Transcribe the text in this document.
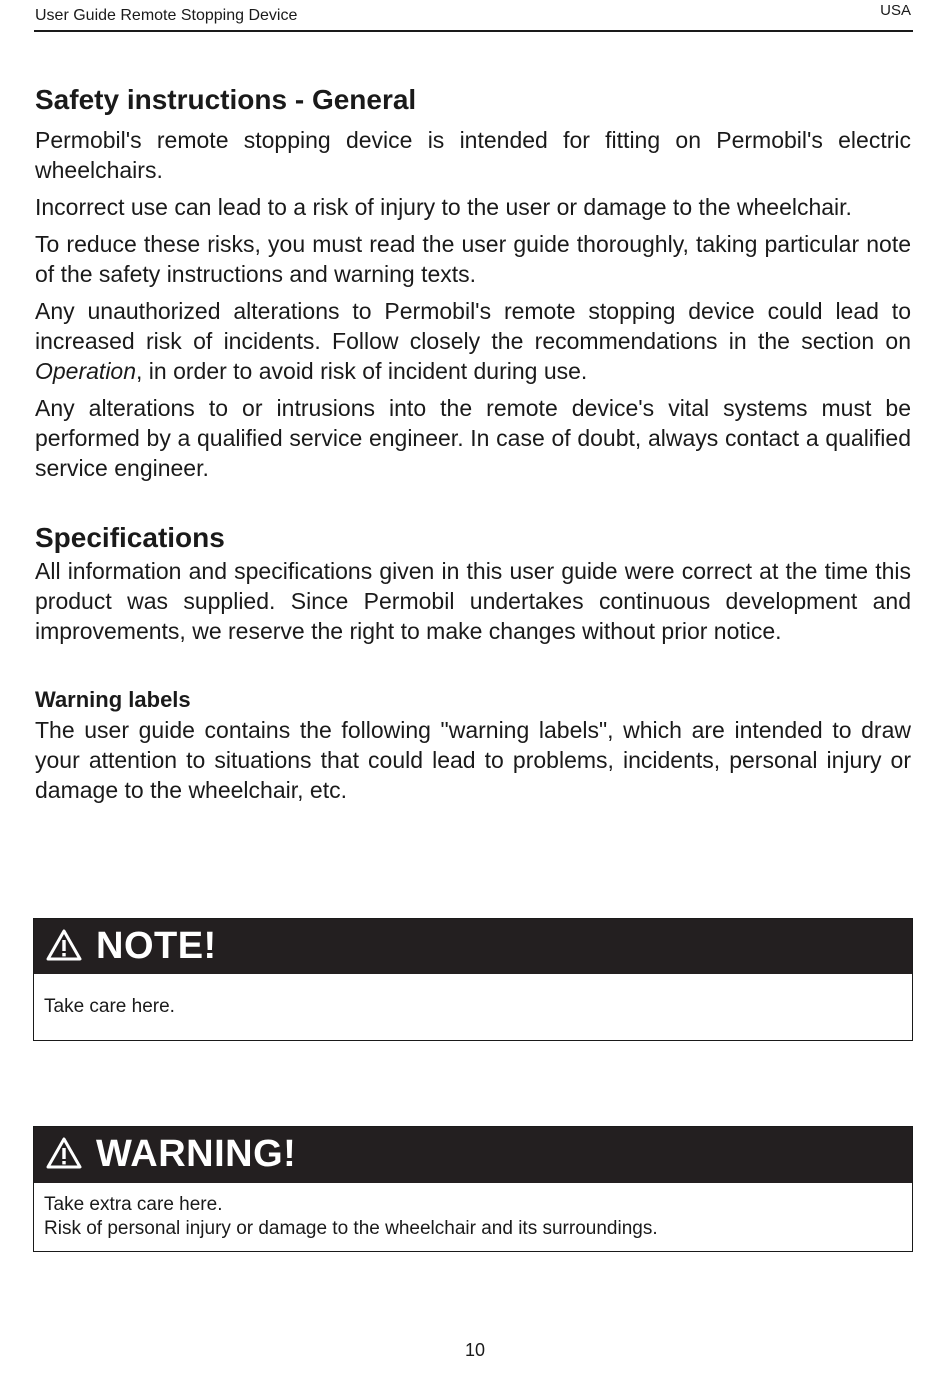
User Guide Remote Stopping Device	USA
Safety instructions - General

Permobil's remote stopping device is intended for fitting on Permobil's electric wheelchairs.

Incorrect use can lead to a risk of injury to the user or damage to the wheelchair.

To reduce these risks, you must read the user guide thoroughly, taking particular note of the safety instructions and warning texts.

Any unauthorized alterations to Permobil's remote stopping device could lead to increased risk of incidents. Follow closely the recommendations in the section on Operation, in order to avoid risk of incident during use.

Any alterations to or intrusions into the remote device's vital systems must be performed by a qualified service engineer. In case of doubt, always contact a qualified service engineer.

Specifications

All information and specifications given in this user guide were correct at the time this product was supplied. Since Permobil undertakes continuous development and improvements, we reserve the right to make changes without prior notice.

Warning labels

The user guide contains the following "warning labels", which are intended to draw your attention to situations that could lead to problems, incidents, personal injury or damage to the wheelchair, etc.

NOTE!
Take care here.
WARNING!
Take extra care here.
Risk of personal injury or damage to the wheelchair and its surroundings.
10
